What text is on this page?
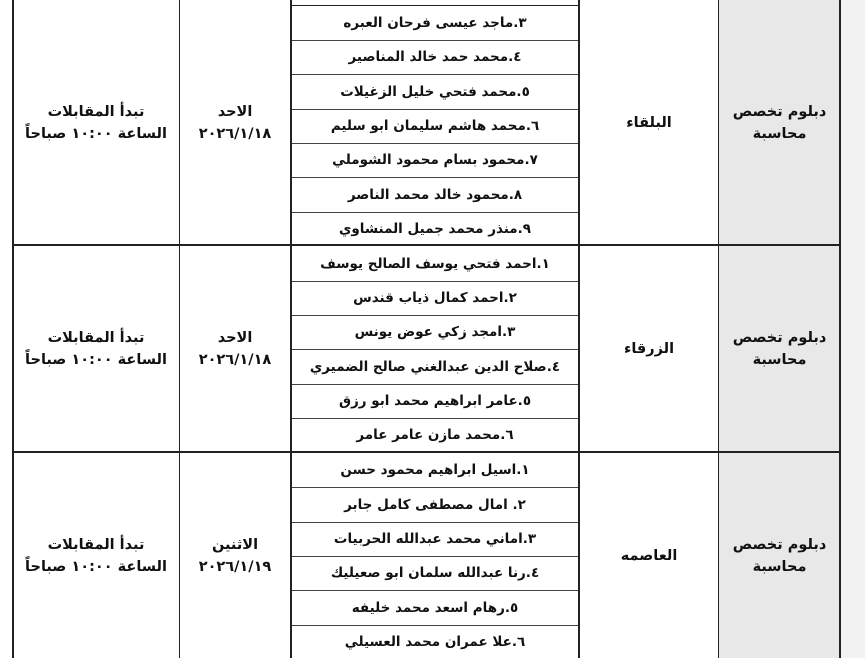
دبلوم تخصص
محاسبة
البلقاء
٣.ماجد عيسى فرحان العبره
٤.محمد حمد خالد المناصير
٥.محمد فتحي خليل الزغيلات
٦.محمد هاشم سليمان ابو سليم
٧.محمود بسام محمود الشوملي
٨.محمود خالد محمد الناصر
٩.منذر محمد جميل المنشاوي
الاحد
٢٠٢٦/١/١٨
تبدأ المقابلات
الساعة ١٠:٠٠ صباحاً
دبلوم تخصص
محاسبة
الزرقاء
١.احمد فتحي يوسف الصالح يوسف
٢.احمد كمال ذياب قندس
٣.امجد زكي عوض يونس
٤.صلاح الدين عبدالغني صالح الضميري
٥.عامر ابراهيم محمد ابو رزق
٦.محمد مازن عامر عامر
الاحد
٢٠٢٦/١/١٨
تبدأ المقابلات
الساعة ١٠:٠٠ صباحاً
دبلوم تخصص
محاسبة
العاصمه
١.اسيل ابراهيم محمود حسن
٢. امال مصطفى كامل جابر
٣.اماني محمد عبدالله الحربيات
٤.رنا عبدالله سلمان ابو صعيليك
٥.رهام اسعد محمد خليفه
٦.علا عمران محمد العسيلي
الاثنين
٢٠٢٦/١/١٩
تبدأ المقابلات
الساعة ١٠:٠٠ صباحاً
